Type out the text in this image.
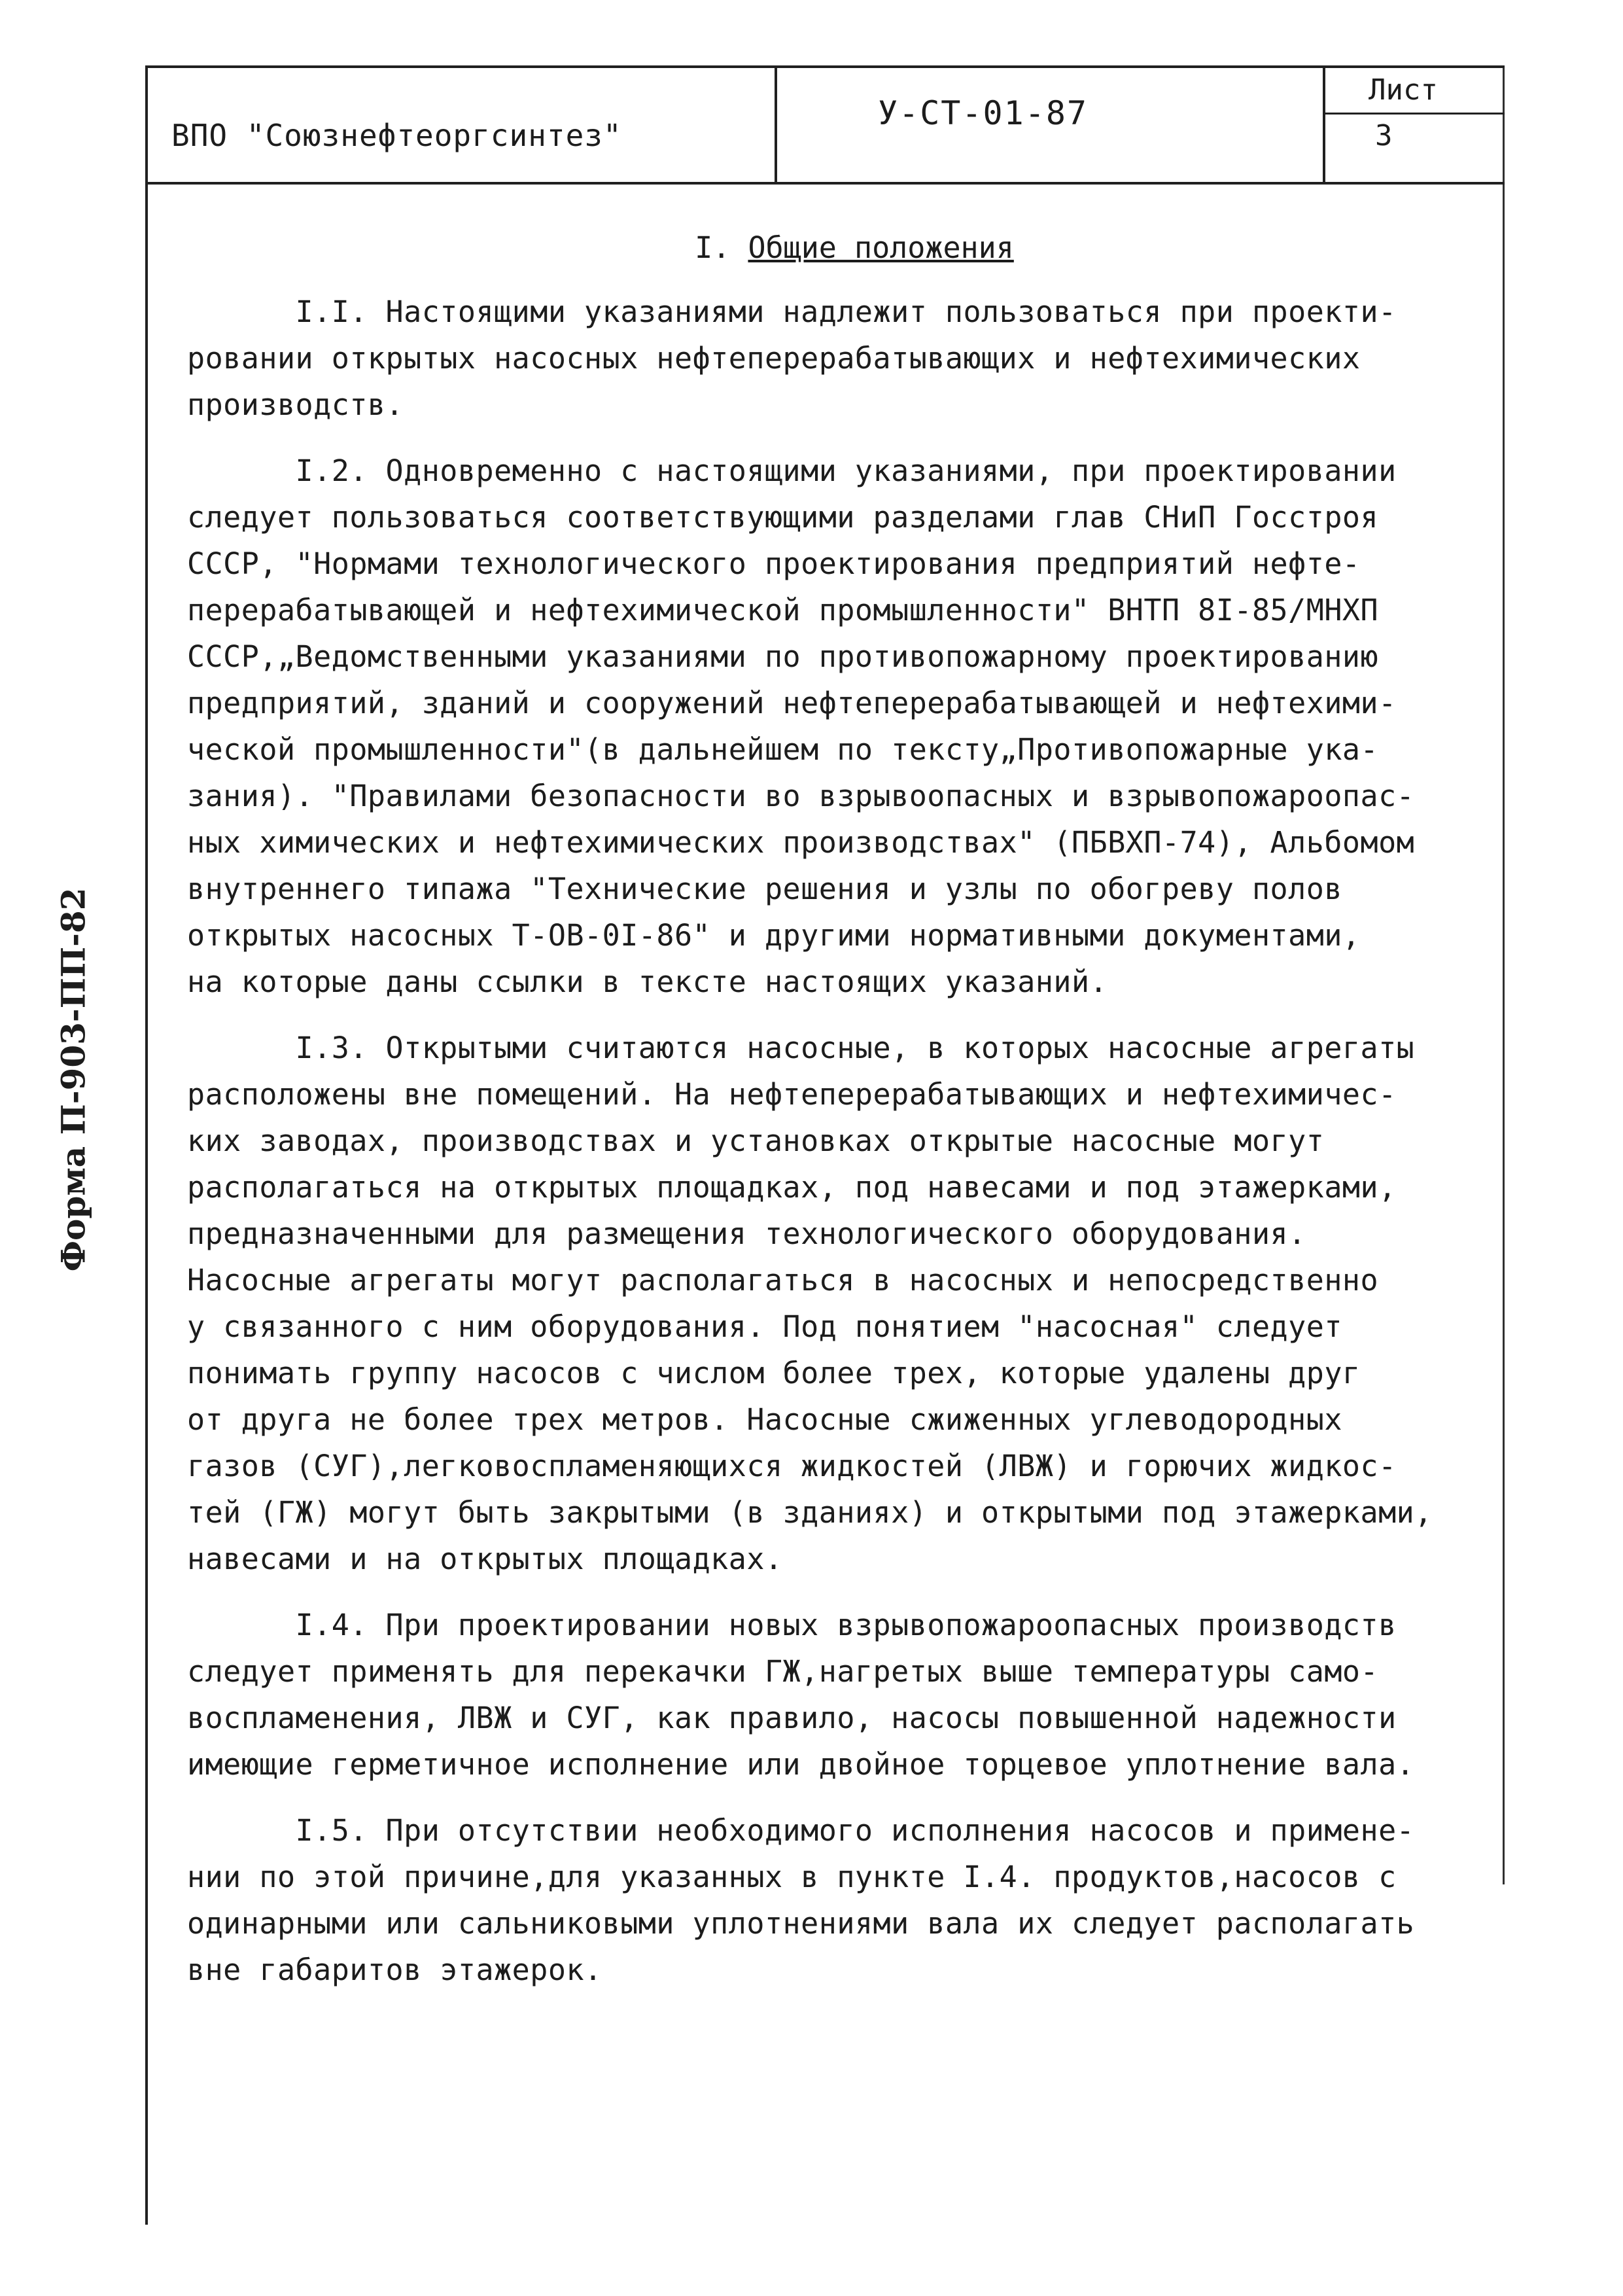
ВПО "Союзнефтеоргсинтез"
У-СТ-01-87
Лист
3
Форма П-903-ПП-82
I. Общие положения
I.I. Настоящими указаниями надлежит пользоваться при проекти-
ровании открытых насосных нефтеперерабатывающих и нефтехимических
производств.
I.2. Одновременно с настоящими указаниями, при проектировании
следует пользоваться соответствующими разделами глав СНиП Госстроя
СССР, "Нормами технологического проектирования предприятий нефте-
перерабатывающей и нефтехимической промышленности" ВНТП 8I-85/МНХП
СССР,„Ведомственными указаниями по противопожарному проектированию
предприятий, зданий и сооружений нефтеперерабатывающей и нефтехими-
ческой промышленности"(в дальнейшем по тексту„Противопожарные ука-
зания). "Правилами безопасности во взрывоопасных и взрывопожароопас-
ных химических и нефтехимических производствах" (ПБВХП-74), Альбомом
внутреннего типажа "Технические решения и узлы по обогреву полов
открытых насосных Т-ОВ-0I-86" и другими нормативными документами,
на которые даны ссылки в тексте настоящих указаний.
I.3. Открытыми считаются насосные, в которых насосные агрегаты
расположены вне помещений. На нефтеперерабатывающих и нефтехимичес-
ких заводах, производствах и установках открытые насосные могут
располагаться на открытых площадках, под навесами и под этажерками,
предназначенными для размещения технологического оборудования.
Насосные агрегаты могут располагаться в насосных и непосредственно
у связанного с ним оборудования. Под понятием "насосная" следует
понимать группу насосов с числом более трех, которые удалены друг
от друга не более трех метров. Насосные сжиженных углеводородных
газов (СУГ),легковоспламеняющихся жидкостей (ЛВЖ) и горючих жидкос-
тей (ГЖ) могут быть закрытыми (в зданиях) и открытыми под этажерками,
навесами и на открытых площадках.
I.4. При проектировании новых взрывопожароопасных производств
следует применять для перекачки ГЖ,нагретых выше температуры само-
воспламенения, ЛВЖ и СУГ, как правило, насосы повышенной надежности
имеющие герметичное исполнение или двойное торцевое уплотнение вала.
I.5. При отсутствии необходимого исполнения насосов и примене-
нии по этой причине,для указанных в пункте I.4. продуктов,насосов с
одинарными или сальниковыми уплотнениями вала их следует располагать
вне габаритов этажерок.
